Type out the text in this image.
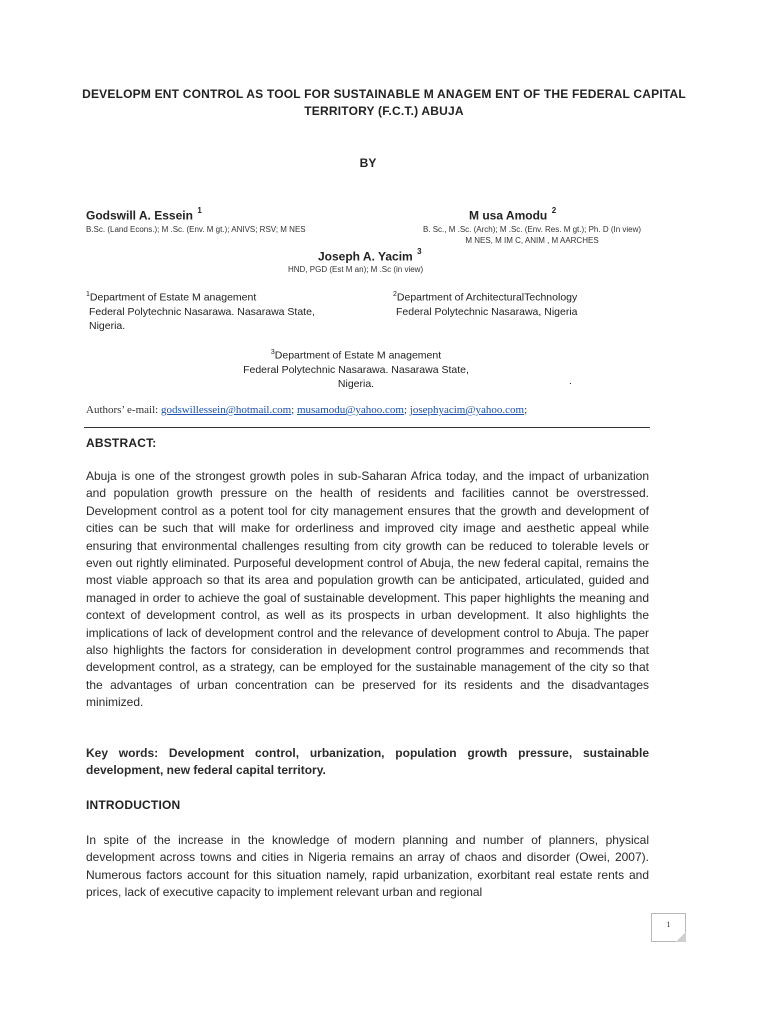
DEVELOPM ENT CONTROL AS TOOL FOR SUSTAINABLE M ANAGEM ENT OF THE FEDERAL CAPITAL TERRITORY (F.C.T.) ABUJA
BY
Godswill A. Essein $^1$
B.Sc. (Land Econs.); M .Sc. (Env. M gt.); ANIVS; RSV; M NES
M usa Amodu $^2$
B. Sc., M .Sc. (Arch); M .Sc. (Env. Res. M gt.); Ph. D (In view)
M NES, M IM C, ANIM , M AARCHES
Joseph A. Yacim $^3$
HND, PGD (Est M an); M .Sc (in view)
$^1$Department of Estate M anagement
Federal Polytechnic Nasarawa. Nasarawa State,
Nigeria.
$^2$Department of ArchitecturalTechnology
Federal Polytechnic Nasarawa, Nigeria
$^3$Department of Estate M anagement
Federal Polytechnic Nasarawa. Nasarawa State,
Nigeria.	.
Authors’ e-mail: godswillessein@hotmail.com; musamodu@yahoo.com; josephyacim@yahoo.com;
ABSTRACT:
Abuja is one of the strongest growth poles in sub-Saharan Africa today, and the impact of urbanization and population growth pressure on the health of residents and facilities cannot be overstressed. Development control as a potent tool for city management ensures that the growth and development of cities can be such that will make for orderliness and improved city image and aesthetic appeal while ensuring that environmental challenges resulting from city growth can be reduced to tolerable levels or even out rightly eliminated. Purposeful development control of Abuja, the new federal capital, remains the most viable approach so that its area and population growth can be anticipated, articulated, guided and managed in order to achieve the goal of sustainable development. This paper highlights the meaning and context of development control, as well as its prospects in urban development. It also highlights the implications of lack of development control and the relevance of development control to Abuja. The paper also highlights the factors for consideration in development control programmes and recommends that development control, as a strategy, can be employed for the sustainable management of the city so that the advantages of urban concentration can be preserved for its residents and the disadvantages minimized.
Key words: Development control, urbanization, population growth pressure, sustainable development, new federal capital territory.
INTRODUCTION
In spite of the increase in the knowledge of modern planning and number of planners, physical development across towns and cities in Nigeria remains an array of chaos and disorder (Owei, 2007). Numerous factors account for this situation namely, rapid urbanization, exorbitant real estate rents and prices, lack of executive capacity to implement relevant urban and regional
1
